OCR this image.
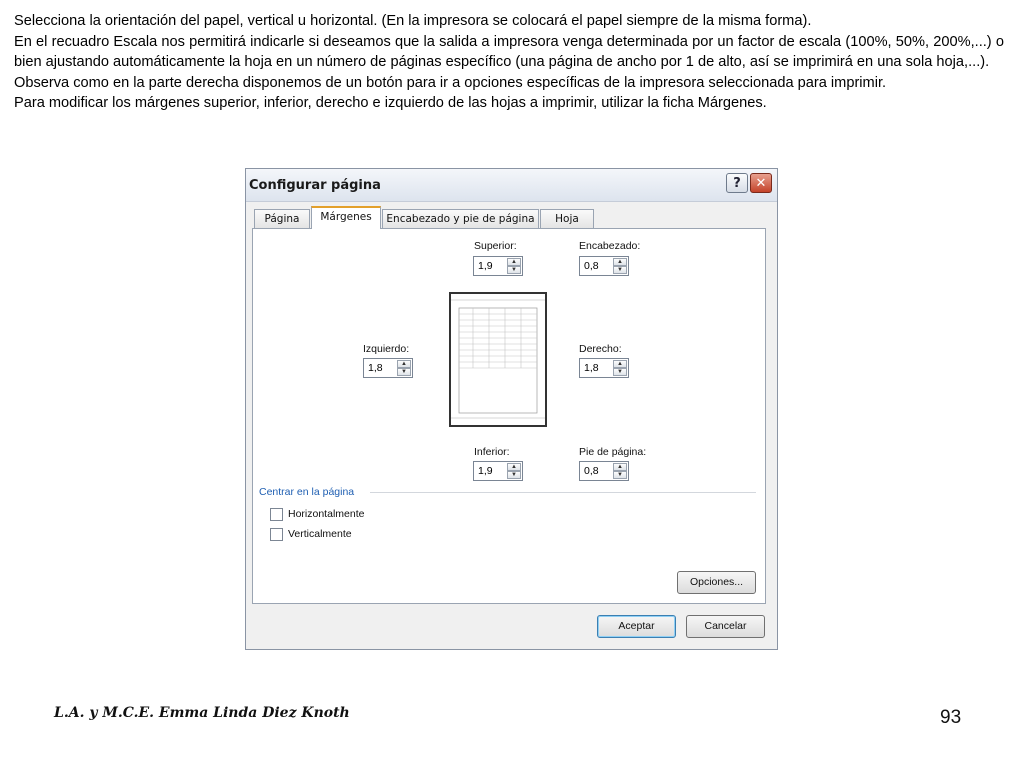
Selecciona la orientación del papel, vertical u horizontal. (En la impresora se colocará el papel siempre de la misma forma).

En el recuadro Escala nos permitirá indicarle si deseamos que la salida a impresora venga determinada por un factor de escala (100%, 50%, 200%,...) o bien ajustando automáticamente la hoja en un número de páginas específico (una página de ancho por 1 de alto, así se imprimirá en una sola hoja,...).

Observa como en la parte derecha disponemos de un botón para ir a opciones específicas de la impresora seleccionada para imprimir.

Para modificar los márgenes superior, inferior, derecho e izquierdo de las hojas a imprimir, utilizar la ficha Márgenes.

Configurar página	? ✕
Página	Márgenes	Encabezado y pie de página	Hoja
Superior:
1,9	▲
▼
Encabezado:
0,8	▲
▼
Izquierdo:
1,8	▲
▼
Derecho:
1,8	▲
▼
Inferior:
1,9	▲
▼
Pie de página:
0,8	▲
▼
Centrar en la página
Horizontalmente
Verticalmente
Opciones...
Aceptar	Cancelar
L.A. y M.C.E. Emma Linda Diez Knoth	93
